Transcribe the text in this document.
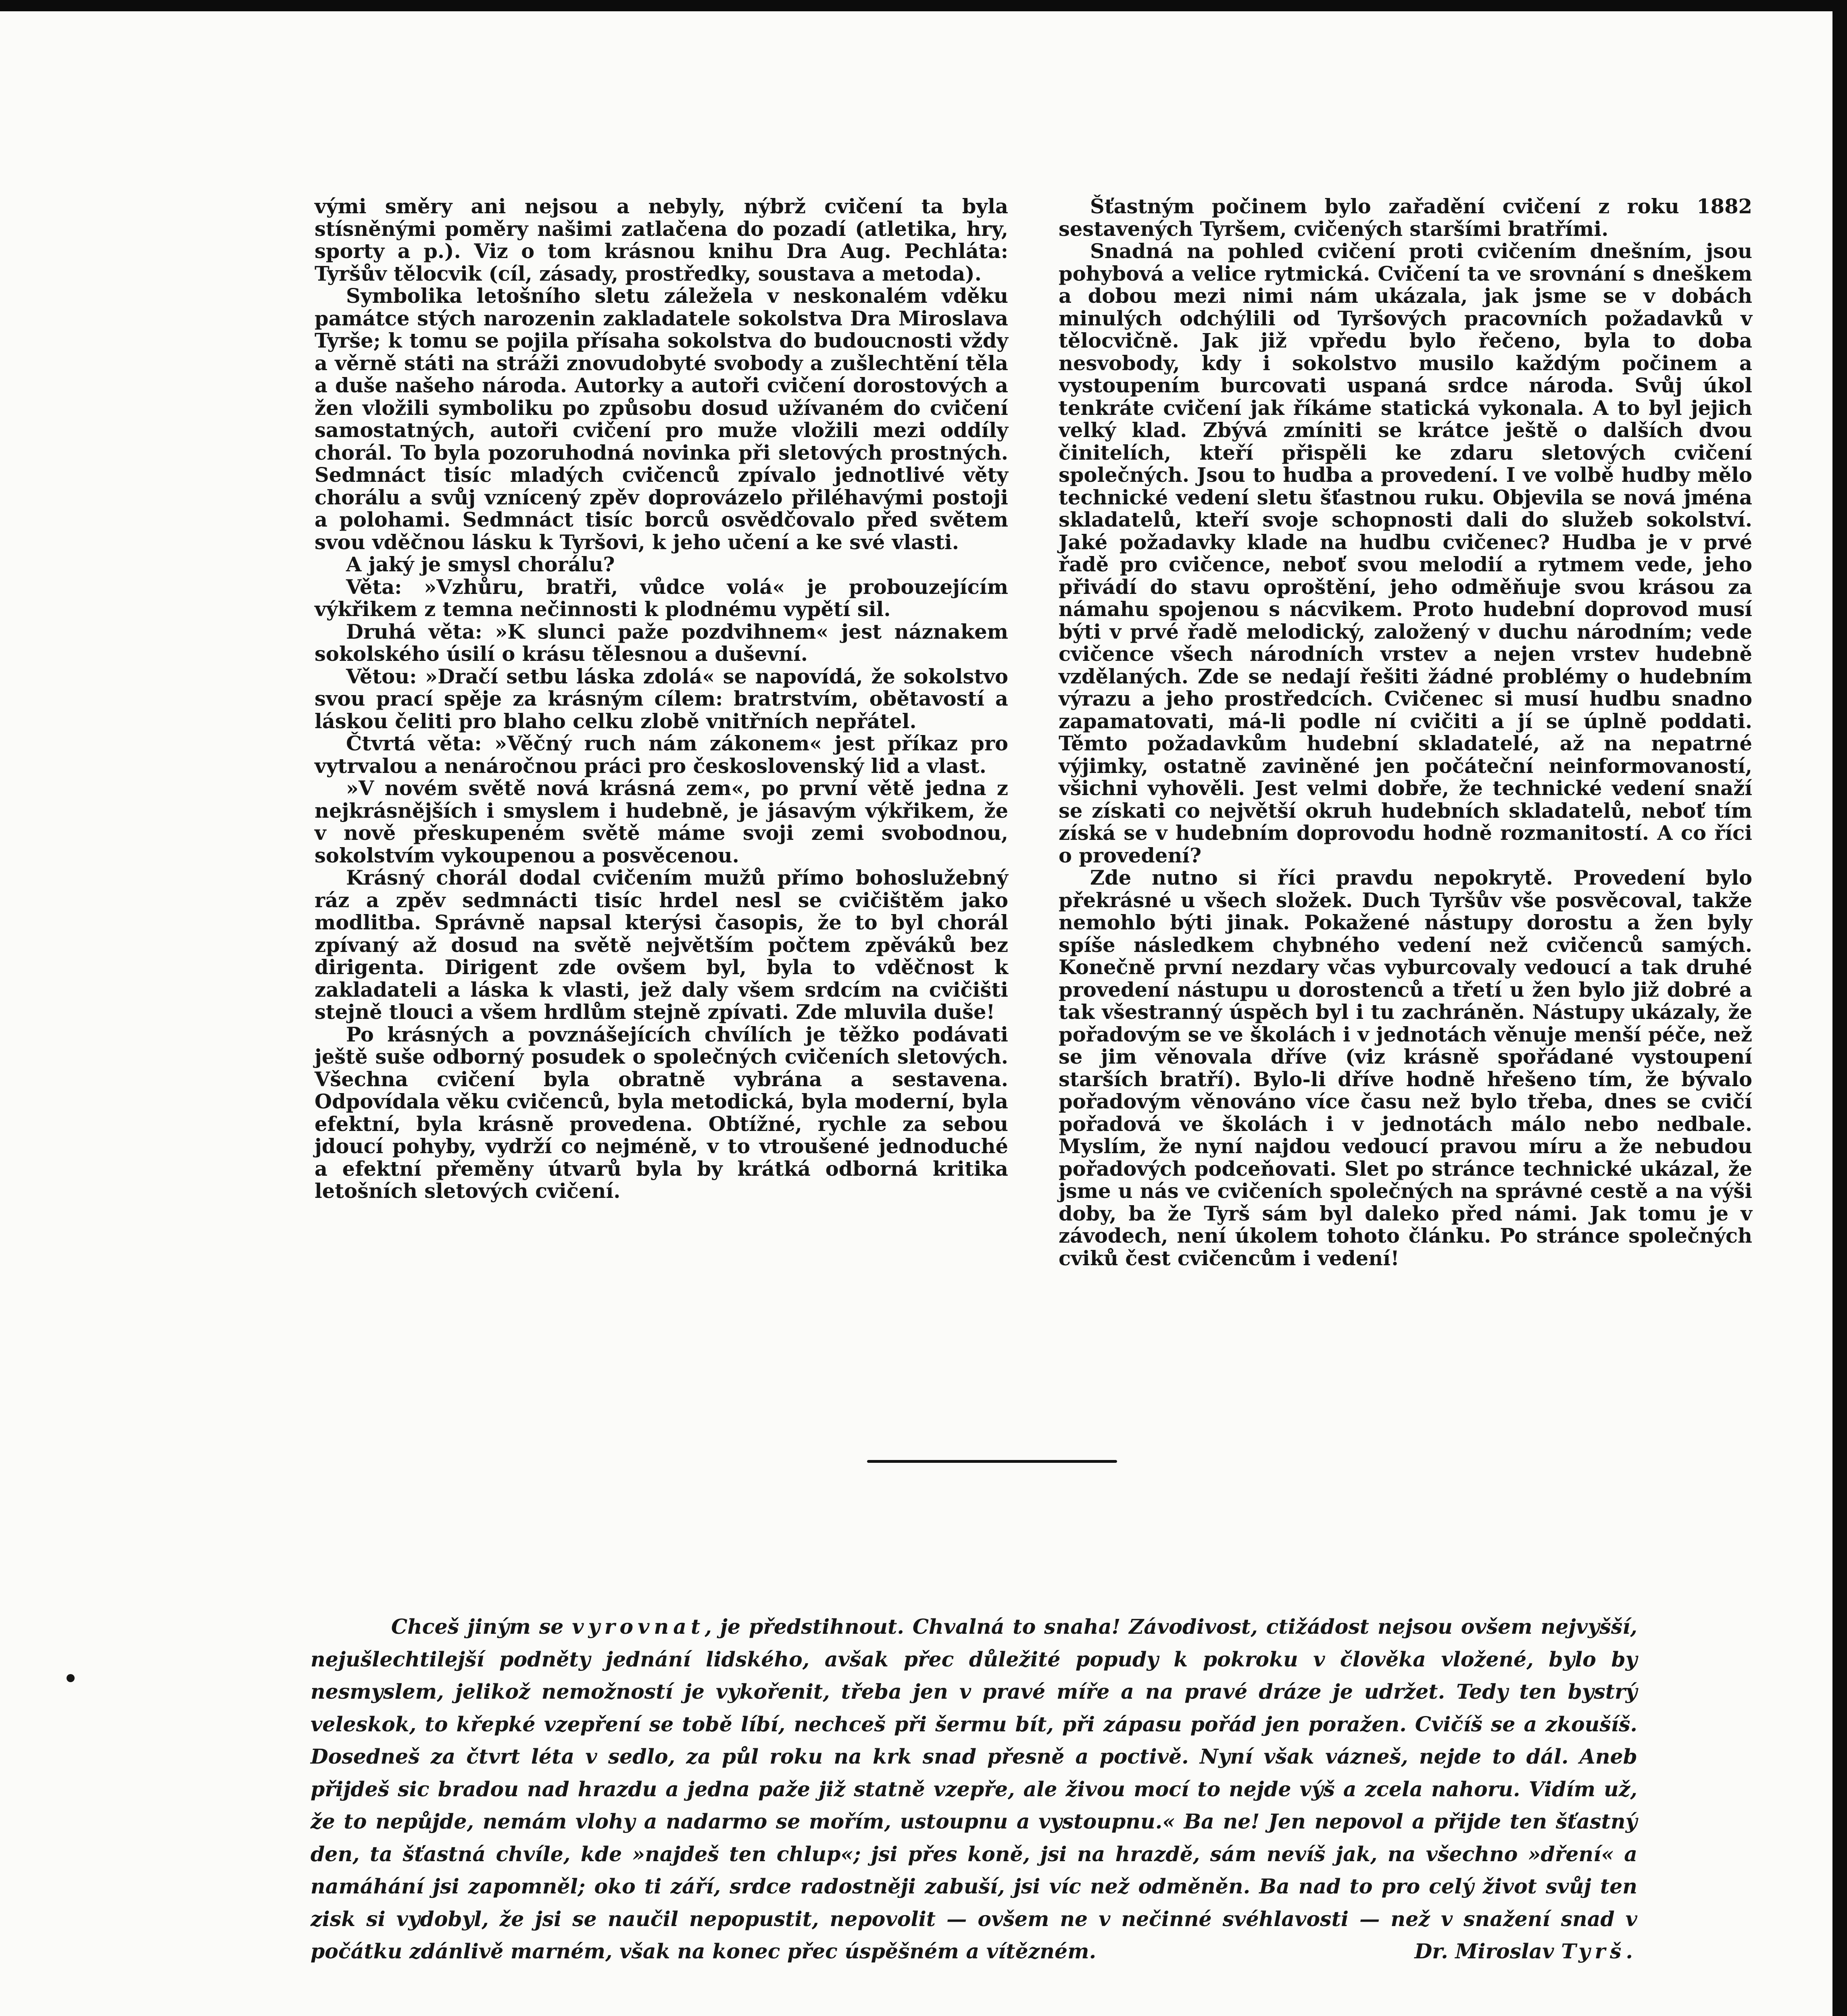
vými směry ani nejsou a nebyly, nýbrž cvičení ta byla stísněnými poměry našimi zatlačena do pozadí (atletika, hry, sporty a p.). Viz o tom krásnou knihu Dra Aug. Pechláta: Tyršův tělocvik (cíl, zásady, prostředky, soustava a metoda).

Symbolika letošního sletu záležela v neskonalém vděku památce stých narozenin zakladatele sokolstva Dra Miroslava Tyrše; k tomu se pojila přísaha sokolstva do budoucnosti vždy a věrně státi na stráži znovudobyté svobody a zušlechtění těla a duše našeho národa. Autorky a autoři cvičení dorostových a žen vložili symboliku po způsobu dosud užívaném do cvičení samostatných, autoři cvičení pro muže vložili mezi oddíly chorál. To byla pozoruhodná novinka při sletových prostných. Sedmnáct tisíc mladých cvičenců zpívalo jednotlivé věty chorálu a svůj vznícený zpěv doprovázelo přiléhavými postoji a polohami. Sedmnáct tisíc borců osvědčovalo před světem svou vděčnou lásku k Tyršovi, k jeho učení a ke své vlasti.

A jaký je smysl chorálu?

Věta: »Vzhůru, bratři, vůdce volá« je probouzejícím výkřikem z temna nečinnosti k plodnému vypětí sil.

Druhá věta: »K slunci paže pozdvihnem« jest náznakem sokolského úsilí o krásu tělesnou a duševní.

Větou: »Dračí setbu láska zdolá« se napovídá, že sokolstvo svou prací spěje za krásným cílem: bratrstvím, obětavostí a láskou čeliti pro blaho celku zlobě vnitřních nepřátel.

Čtvrtá věta: »Věčný ruch nám zákonem« jest příkaz pro vytrvalou a nenáročnou práci pro československý lid a vlast.

»V novém světě nová krásná zem«, po první větě jedna z nejkrásnějších i smyslem i hudebně, je jásavým výkřikem, že v nově přeskupeném světě máme svoji zemi svobodnou, sokolstvím vykoupenou a posvěcenou.

Krásný chorál dodal cvičením mužů přímo bohoslužebný ráz a zpěv sedmnácti tisíc hrdel nesl se cvičištěm jako modlitba. Správně napsal kterýsi časopis, že to byl chorál zpívaný až dosud na světě největším počtem zpěváků bez dirigenta. Dirigent zde ovšem byl, byla to vděčnost k zakladateli a láska k vlasti, jež daly všem srdcím na cvičišti stejně tlouci a všem hrdlům stejně zpívati. Zde mluvila duše!

Po krásných a povznášejících chvílích je těžko podávati ještě suše odborný posudek o společných cvičeních sletových. Všechna cvičení byla obratně vybrána a sestavena. Odpovídala věku cvičenců, byla metodická, byla moderní, byla efektní, byla krásně provedena. Obtížné, rychle za sebou jdoucí pohyby, vydrží co nejméně, v to vtroušené jednoduché a efektní přeměny útvarů byla by krátká odborná kritika letošních sletových cvičení.

Šťastným počinem bylo zařadění cvičení z roku 1882 sestavených Tyršem, cvičených staršími bratřími.

Snadná na pohled cvičení proti cvičením dnešním, jsou pohybová a velice rytmická. Cvičení ta ve srovnání s dneškem a dobou mezi nimi nám ukázala, jak jsme se v dobách minulých odchýlili od Tyršových pracovních požadavků v tělocvičně. Jak již vpředu bylo řečeno, byla to doba nesvobody, kdy i sokolstvo musilo každým počinem a vystoupením burcovati uspaná srdce národa. Svůj úkol tenkráte cvičení jak říkáme statická vykonala. A to byl jejich velký klad. Zbývá zmíniti se krátce ještě o dalších dvou činitelích, kteří přispěli ke zdaru sletových cvičení společných. Jsou to hudba a provedení. I ve volbě hudby mělo technické vedení sletu šťastnou ruku. Objevila se nová jména skladatelů, kteří svoje schopnosti dali do služeb sokolství. Jaké požadavky klade na hudbu cvičenec? Hudba je v prvé řadě pro cvičence, neboť svou melodií a rytmem vede, jeho přivádí do stavu oproštění, jeho odměňuje svou krásou za námahu spojenou s nácvikem. Proto hudební doprovod musí býti v prvé řadě melodický, založený v duchu národním; vede cvičence všech národních vrstev a nejen vrstev hudebně vzdělaných. Zde se nedají řešiti žádné problémy o hudebním výrazu a jeho prostředcích. Cvičenec si musí hudbu snadno zapamatovati, má-li podle ní cvičiti a jí se úplně poddati. Těmto požadavkům hudební skladatelé, až na nepatrné výjimky, ostatně zaviněné jen počáteční neinformovaností, všichni vyhověli. Jest velmi dobře, že technické vedení snaží se získati co největší okruh hudebních skladatelů, neboť tím získá se v hudebním doprovodu hodně rozmanitostí. A co říci o provedení?

Zde nutno si říci pravdu nepokrytě. Provedení bylo překrásné u všech složek. Duch Tyršův vše posvěcoval, takže nemohlo býti jinak. Pokažené nástupy dorostu a žen byly spíše následkem chybného vedení než cvičenců samých. Konečně první nezdary včas vyburcovaly vedoucí a tak druhé provedení nástupu u dorostenců a třetí u žen bylo již dobré a tak všestranný úspěch byl i tu zachráněn. Nástupy ukázaly, že pořadovým se ve školách i v jednotách věnuje menší péče, než se jim věnovala dříve (viz krásně spořádané vystoupení starších bratří). Bylo-li dříve hodně hřešeno tím, že bývalo pořadovým věnováno více času než bylo třeba, dnes se cvičí pořadová ve školách i v jednotách málo nebo nedbale. Myslím, že nyní najdou vedoucí pravou míru a že nebudou pořadových podceňovati. Slet po stránce technické ukázal, že jsme u nás ve cvičeních společných na správné cestě a na výši doby, ba že Tyrš sám byl daleko před námi. Jak tomu je v závodech, není úkolem tohoto článku. Po stránce společných cviků čest cvičencům i vedení!

Chceš jiným se vyrovnat, je předstihnout. Chvalná to snaha! Závodivost, ctižádost nejsou ovšem nejvyšší, nejušlechtilejší podněty jednání lidského, avšak přec důležité popudy k pokroku v člověka vložené, bylo by nesmyslem, jelikož nemožností je vykořenit, třeba jen v pravé míře a na pravé dráze je udržet. Tedy ten bystrý veleskok, to křepké vzepření se tobě líbí, nechceš při šermu bít, při zápasu pořád jen poražen. Cvičíš se a zkoušíš. Dosedneš za čtvrt léta v sedlo, za půl roku na krk snad přesně a poctivě. Nyní však vázneš, nejde to dál. Aneb přijdeš sic bradou nad hrazdu a jedna paže již statně vzepře, ale živou mocí to nejde výš a zcela nahoru. Vidím už, že to nepůjde, nemám vlohy a nadarmo se mořím, ustoupnu a vystoupnu.« Ba ne! Jen nepovol a přijde ten šťastný den, ta šťastná chvíle, kde »najdeš ten chlup«; jsi přes koně, jsi na hrazdě, sám nevíš jak, na všechno »dření« a namáhání jsi zapomněl; oko ti září, srdce radostněji zabuší, jsi víc než odměněn. Ba nad to pro celý život svůj ten zisk si vydobyl, že jsi se naučil nepopustit, nepovolit — ovšem ne v nečinné svéhlavosti — než v snažení snad v počátku zdánlivě marném, však na konec přec úspěšném a vítězném.	Dr. Miroslav Tyrš.
